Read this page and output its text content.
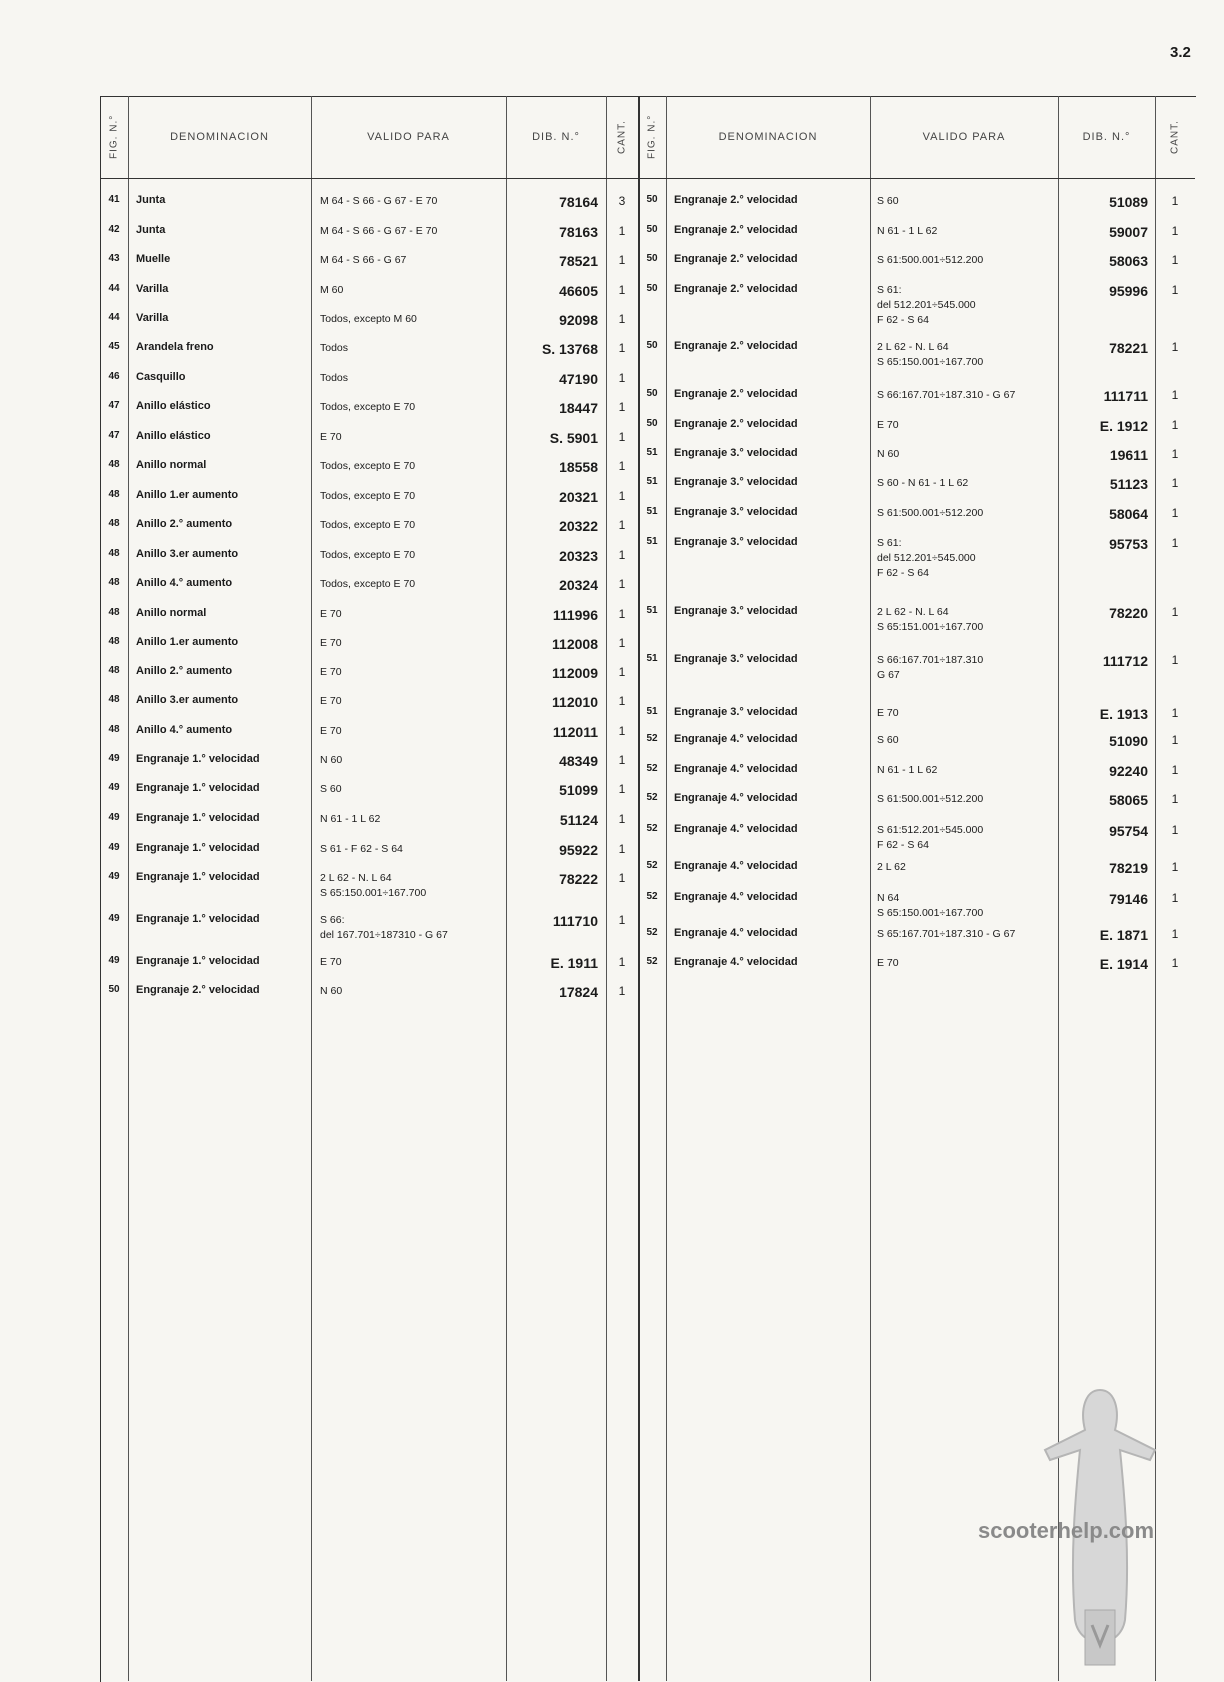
3.2
FIG. N.°	DENOMINACION	VALIDO PARA	DIB. N.°	CANT.	FIG. N.°	DENOMINACION	VALIDO PARA	DIB. N.°	CANT.
41	Junta	M 64 - S 66 - G 67 - E 70	78164	3
42	Junta	M 64 - S 66 - G 67 - E 70	78163	1
43	Muelle	M 64 - S 66 - G 67	78521	1
44	Varilla	M 60	46605	1
44	Varilla	Todos, excepto M 60	92098	1
45	Arandela freno	Todos	S. 13768	1
46	Casquillo	Todos	47190	1
47	Anillo elástico	Todos, excepto E 70	18447	1
47	Anillo elástico	E 70	S. 5901	1
48	Anillo normal	Todos, excepto E 70	18558	1
48	Anillo 1.er aumento	Todos, excepto E 70	20321	1
48	Anillo 2.° aumento	Todos, excepto E 70	20322	1
48	Anillo 3.er aumento	Todos, excepto E 70	20323	1
48	Anillo 4.° aumento	Todos, excepto E 70	20324	1
48	Anillo normal	E 70	111996	1
48	Anillo 1.er aumento	E 70	112008	1
48	Anillo 2.° aumento	E 70	112009	1
48	Anillo 3.er aumento	E 70	112010	1
48	Anillo 4.° aumento	E 70	112011	1
49	Engranaje 1.° velocidad	N 60	48349	1
49	Engranaje 1.° velocidad	S 60	51099	1
49	Engranaje 1.° velocidad	N 61 - 1 L 62	51124	1
49	Engranaje 1.° velocidad	S 61 - F 62 - S 64	95922	1
49	Engranaje 1.° velocidad	2 L 62 - N. L 64
S 65:150.001÷167.700
78222	1
49	Engranaje 1.° velocidad	S 66:
del 167.701÷187310 - G 67
111710	1
49	Engranaje 1.° velocidad	E 70	E. 1911	1
50	Engranaje 2.° velocidad	N 60	17824	1
50	Engranaje 2.° velocidad	S 60	51089	1
50	Engranaje 2.° velocidad	N 61 - 1 L 62	59007	1
50	Engranaje 2.° velocidad	S 61:500.001÷512.200	58063	1
50	Engranaje 2.° velocidad	S 61:
del 512.201÷545.000
F 62 - S 64
95996	1
50	Engranaje 2.° velocidad	2 L 62 - N. L 64
S 65:150.001÷167.700
78221	1
50	Engranaje 2.° velocidad	S 66:167.701÷187.310 - G 67	111711	1
50	Engranaje 2.° velocidad	E 70	E. 1912	1
51	Engranaje 3.° velocidad	N 60	19611	1
51	Engranaje 3.° velocidad	S 60 - N 61 - 1 L 62	51123	1
51	Engranaje 3.° velocidad	S 61:500.001÷512.200	58064	1
51	Engranaje 3.° velocidad	S 61:
del 512.201÷545.000
F 62 - S 64
95753	1
51	Engranaje 3.° velocidad	2 L 62 - N. L 64
S 65:151.001÷167.700
78220	1
51	Engranaje 3.° velocidad	S 66:167.701÷187.310
G 67
111712	1
51	Engranaje 3.° velocidad	E 70	E. 1913	1
52	Engranaje 4.° velocidad	S 60	51090	1
52	Engranaje 4.° velocidad	N 61 - 1 L 62	92240	1
52	Engranaje 4.° velocidad	S 61:500.001÷512.200	58065	1
52	Engranaje 4.° velocidad	S 61:512.201÷545.000
F 62 - S 64
95754	1
52	Engranaje 4.° velocidad	2 L 62	78219	1
52	Engranaje 4.° velocidad	N 64
S 65:150.001÷167.700
79146	1
52	Engranaje 4.° velocidad	S 65:167.701÷187.310 - G 67	E. 1871	1
52	Engranaje 4.° velocidad	E 70	E. 1914	1
scooterhelp.com
